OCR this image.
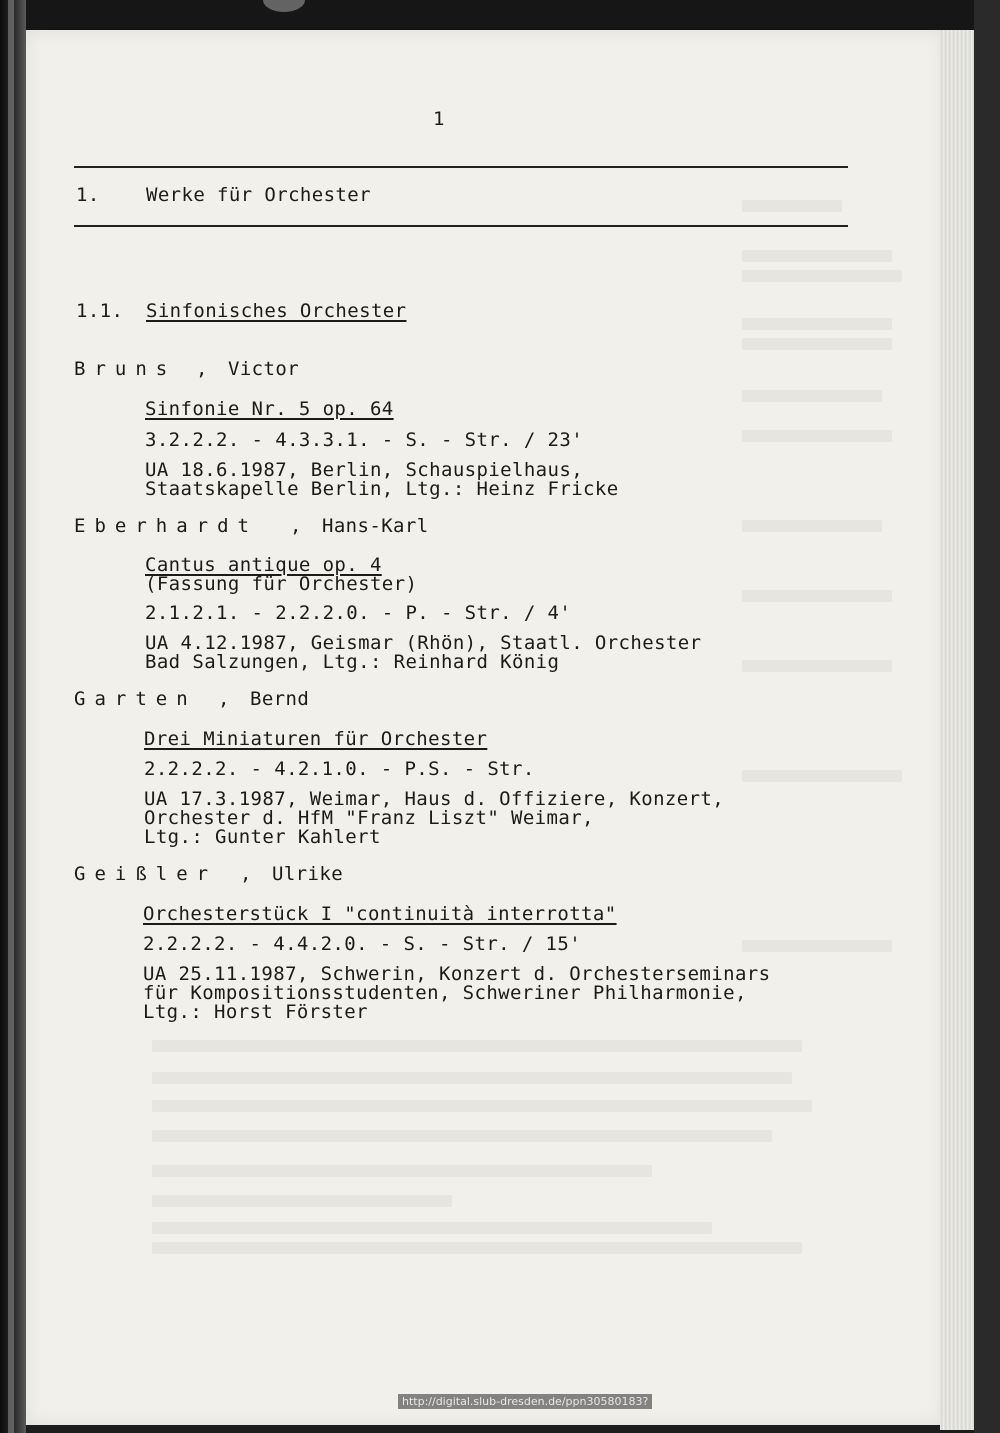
1

1. Werke für Orchester

1.1. Sinfonisches Orchester

Bruns , Victor

Sinfonie Nr. 5 op. 64

3.2.2.2. - 4.3.3.1. - S. - Str. / 23'

UA 18.6.1987, Berlin, Schauspielhaus,

Staatskapelle Berlin, Ltg.: Heinz Fricke

Eberhardt , Hans-Karl

Cantus antique op. 4

(Fassung für Orchester)

2.1.2.1. - 2.2.2.0. - P. - Str. / 4'

UA 4.12.1987, Geismar (Rhön), Staatl. Orchester

Bad Salzungen, Ltg.: Reinhard König

Garten , Bernd

Drei Miniaturen für Orchester

2.2.2.2. - 4.2.1.0. - P.S. - Str.

UA 17.3.1987, Weimar, Haus d. Offiziere, Konzert,

Orchester d. HfM "Franz Liszt" Weimar,

Ltg.: Gunter Kahlert

Geißler , Ulrike

Orchesterstück I "continuità interrotta"

2.2.2.2. - 4.4.2.0. - S. - Str. / 15'

UA 25.11.1987, Schwerin, Konzert d. Orchesterseminars

für Kompositionsstudenten, Schweriner Philharmonie,

Ltg.: Horst Förster

http://digital.slub-dresden.de/ppn30580183?
